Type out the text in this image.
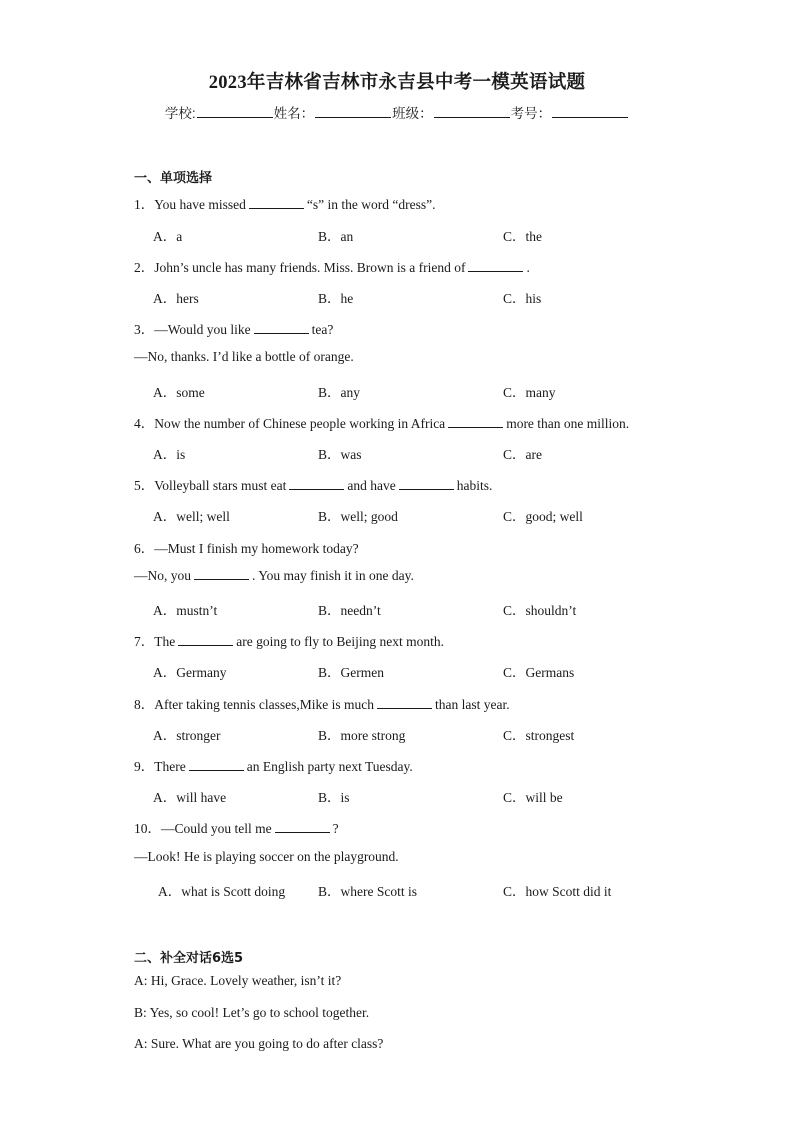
2023年吉林省吉林市永吉县中考一模英语试题
学校:	姓名：	班级：	考号：
一、单项选择
1．You have missed	“s” in the word “dress”.
A．a	B．an	C．the
2．John’s uncle has many friends. Miss. Brown is a friend of	.
A．hers	B．he	C．his
3．—Would you like	tea?
—No, thanks. I’d like a bottle of orange.
A．some	B．any	C．many
4．Now the number of Chinese people working in Africa	more than one million.
A．is	B．was	C．are
5．Volleyball stars must eat	and have	habits.
A．well; well	B．well; good	C．good; well
6．—Must I finish my homework today?
—No, you	. You may finish it in one day.
A．mustn’t	B．needn’t	C．shouldn’t
7．The	are going to fly to Beijing next month.
A．Germany	B．Germen	C．Germans
8．After taking tennis classes,Mike is much	than last year.
A．stronger	B．more strong	C．strongest
9．There	an English party next Tuesday.
A．will have	B．is	C．will be
10．—Could you tell me	?
—Look! He is playing soccer on the playground.
A．what is Scott doing B．where Scott is	C．how Scott did it
二、补全对话6选5
A: Hi, Grace. Lovely weather, isn’t it?
B: Yes, so cool! Let’s go to school together.
A: Sure. What are you going to do after class?
